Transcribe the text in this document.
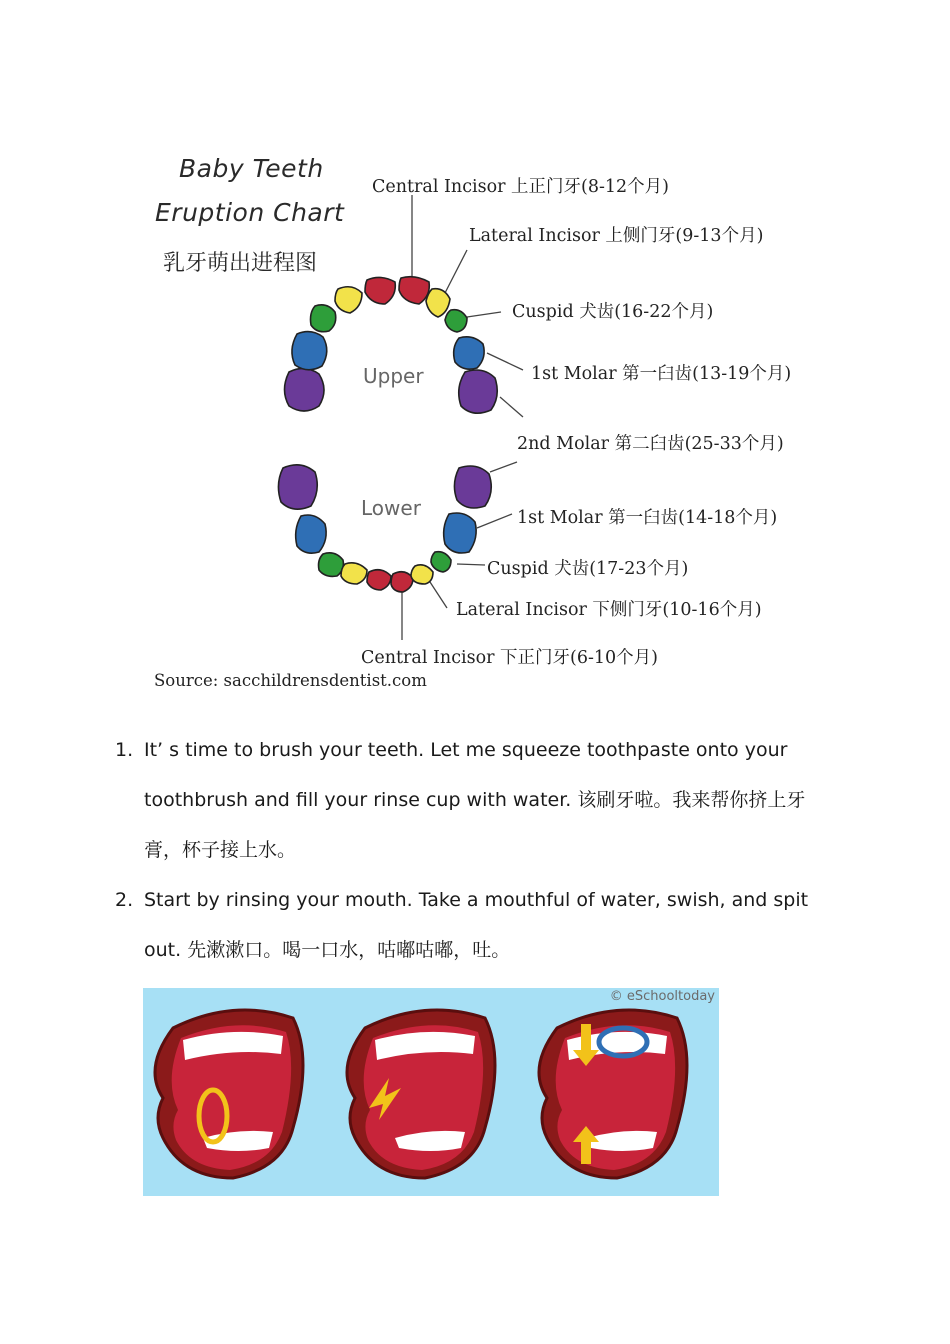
Baby Teeth
Eruption Chart
乳牙萌出进程图
Upper
Lower
Central Incisor 上正门牙(8-12个月)
Lateral Incisor 上侧门牙(9-13个月)
Cuspid 犬齿(16-22个月)
1st Molar 第一臼齿(13-19个月)
2nd Molar 第二臼齿(25-33个月)
1st Molar 第一臼齿(14-18个月)
Cuspid 犬齿(17-23个月)
Lateral Incisor 下侧门牙(10-16个月)
Central Incisor 下正门牙(6-10个月)
Source: sacchildrensdentist.com
1. It’ s time to brush your teeth. Let me squeeze toothpaste onto your toothbrush and fill your rinse cup with water. 该刷牙啦。我来帮你挤上牙膏，杯子接上水。
2. Start by rinsing your mouth. Take a mouthful of water, swish, and spit out. 先漱漱口。喝一口水，咕嘟咕嘟，吐。
© eSchooltoday
